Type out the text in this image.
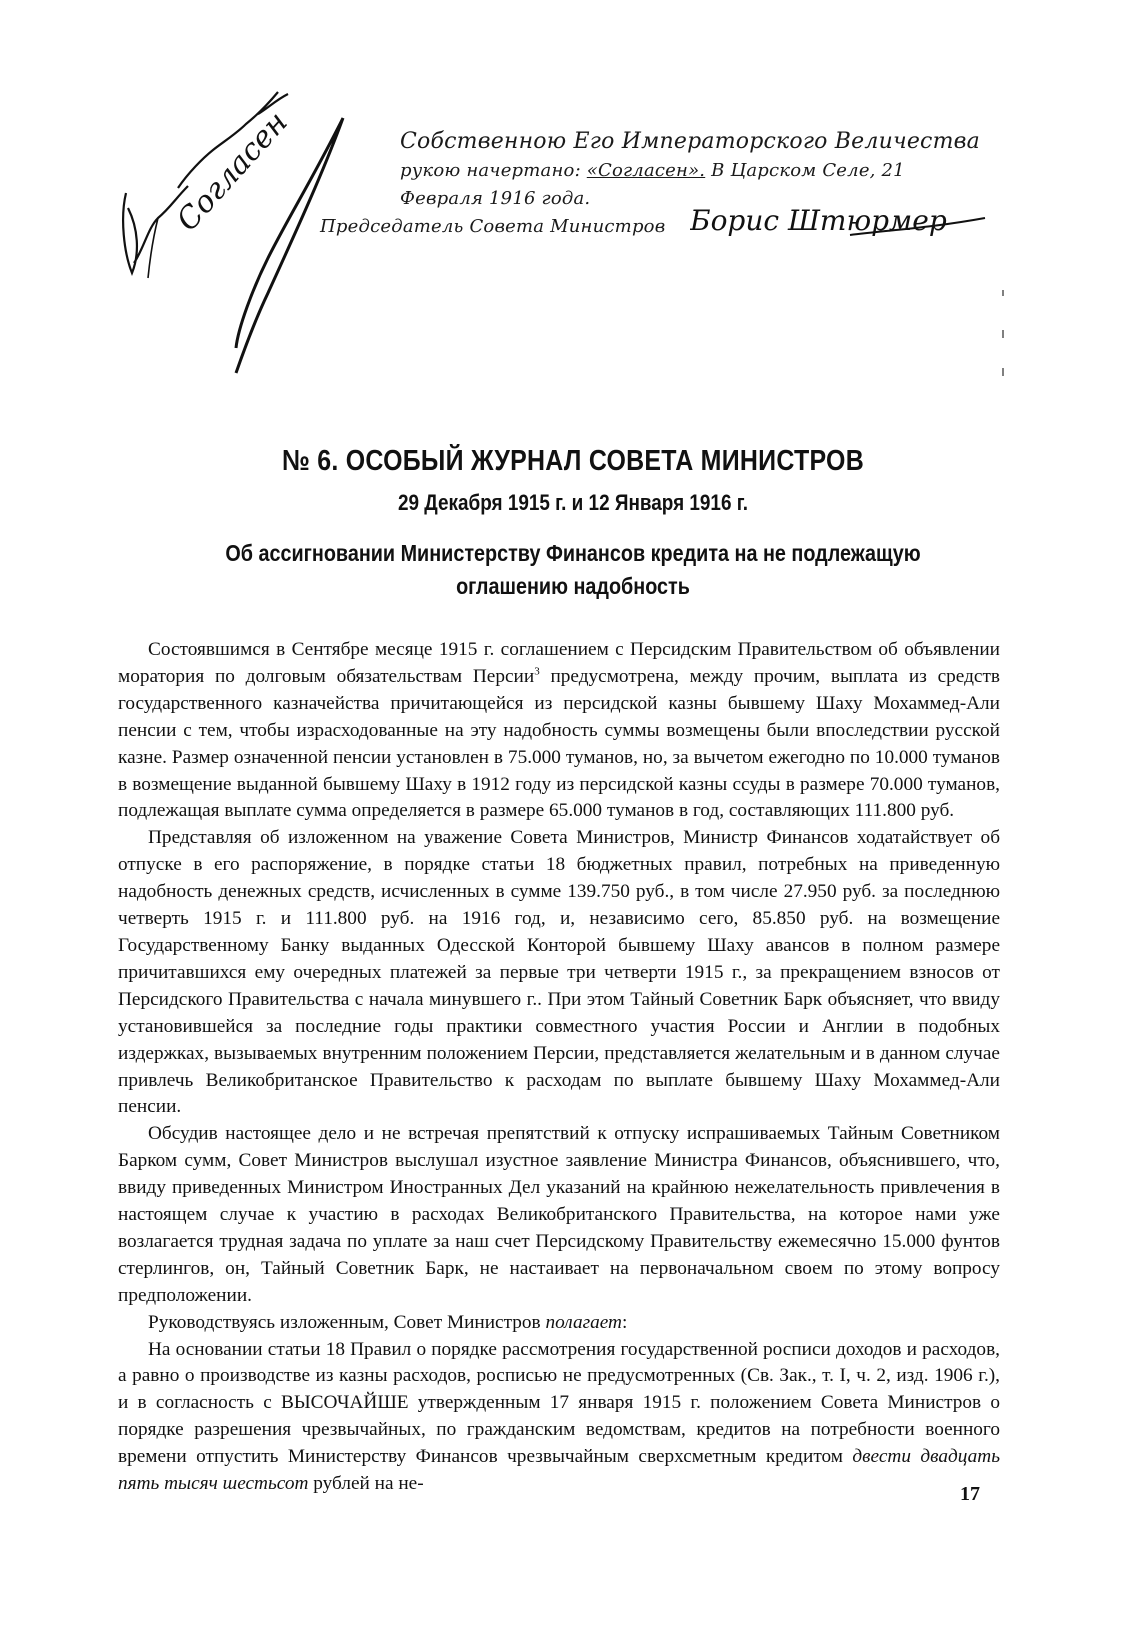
Согласен	Собственною Его Императорского Величества
рукою начертано: «Согласен». В Царском Селе, 21
Февраля 1916 года.
Председатель Совета Министров Борис Штюрмер
№ 6. ОСОБЫЙ ЖУРНАЛ СОВЕТА МИНИСТРОВ
29 Декабря 1915 г. и 12 Января 1916 г.
Об ассигновании Министерству Финансов кредита на не подлежащую
оглашению надобность

Состоявшимся в Сентябре месяце 1915 г. соглашением с Персидским Правительством об объявлении моратория по долговым обязательствам Персии$^3$ предусмотрена, между прочим, выплата из средств государственного казначейства причитающейся из персидской казны бывшему Шаху Мохаммед-Али пенсии с тем, чтобы израсходованные на эту надобность суммы возмещены были впоследствии русской казне. Размер означенной пенсии установлен в 75.000 туманов, но, за вычетом ежегодно по 10.000 туманов в возмещение выданной бывшему Шаху в 1912 году из персидской казны ссуды в размере 70.000 туманов, подлежащая выплате сумма определяется в размере 65.000 туманов в год, составляющих 111.800 руб.

Представляя об изложенном на уважение Совета Министров, Министр Финансов ходатайствует об отпуске в его распоряжение, в порядке статьи 18 бюджетных правил, потребных на приведенную надобность денежных средств, исчисленных в сумме 139.750 руб., в том числе 27.950 руб. за последнюю четверть 1915 г. и 111.800 руб. на 1916 год, и, независимо сего, 85.850 руб. на возмещение Государственному Банку выданных Одесской Конторой бывшему Шаху авансов в полном размере причитавшихся ему очередных платежей за первые три четверти 1915 г., за прекращением взносов от Персидского Правительства с начала минувшего г.. При этом Тайный Советник Барк объясняет, что ввиду установившейся за последние годы практики совместного участия России и Англии в подобных издержках, вызываемых внутренним положением Персии, представляется желательным и в данном случае привлечь Великобританское Правительство к расходам по выплате бывшему Шаху Мохаммед-Али пенсии.

Обсудив настоящее дело и не встречая препятствий к отпуску испрашиваемых Тайным Советником Барком сумм, Совет Министров выслушал изустное заявление Министра Финансов, объяснившего, что, ввиду приведенных Министром Иностранных Дел указаний на крайнюю нежелательность привлечения в настоящем случае к участию в расходах Великобританского Правительства, на которое нами уже возлагается трудная задача по уплате за наш счет Персидскому Правительству ежемесячно 15.000 фунтов стерлингов, он, Тайный Советник Барк, не настаивает на первоначальном своем по этому вопросу предположении.

Руководствуясь изложенным, Совет Министров полагает:

На основании статьи 18 Правил о порядке рассмотрения государственной росписи доходов и расходов, а равно о производстве из казны расходов, росписью не предусмотренных (Св. Зак., т. I, ч. 2, изд. 1906 г.), и в согласность с ВЫСОЧАЙШЕ утвержденным 17 января 1915 г. положением Совета Министров о порядке разрешения чрезвычайных, по гражданским ведомствам, кредитов на потребности военного времени отпустить Министерству Финансов чрезвычайным сверхсметным кредитом двести двадцать пять тысяч шестьсот рублей на не-	17
